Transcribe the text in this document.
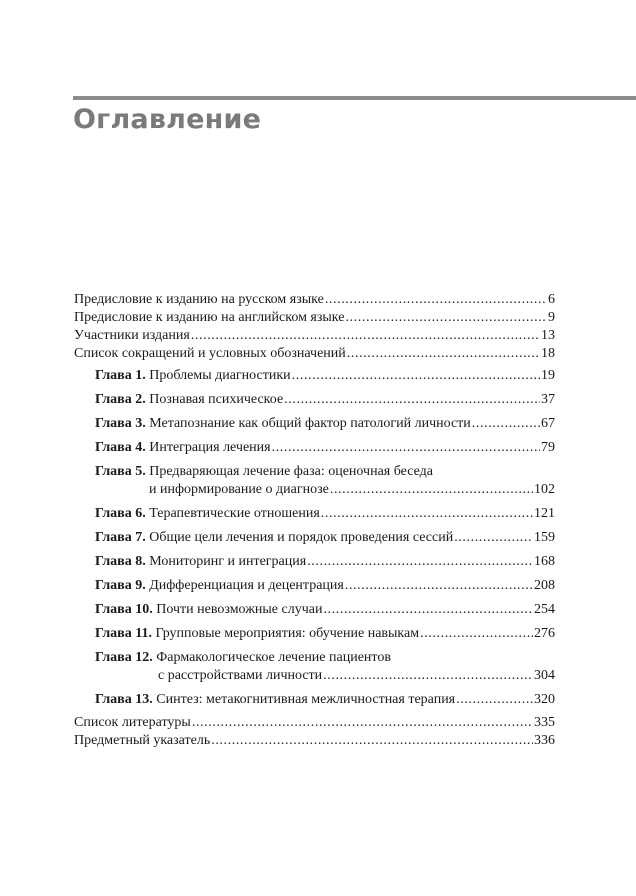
Оглавление
Предисловие к изданию на русском языке .....	6
Предисловие к изданию на английском языке .....	9
Участники издания .....	13
Список сокращений и условных обозначений .....	18
Глава 1. Проблемы диагностики .....	19
Глава 2. Познавая психическое .....	37
Глава 3. Метапознание как общий фактор патологий личности .....	67
Глава 4. Интеграция лечения .....	79
Глава 5. Предваряющая лечение фаза: оценочная беседа
и информирование о диагнозе .....	102
Глава 6. Терапевтические отношения .....	121
Глава 7. Общие цели лечения и порядок проведения сессий .....	159
Глава 8. Мониторинг и интеграция .....	168
Глава 9. Дифференциация и децентрация .....	208
Глава 10. Почти невозможные случаи .....	254
Глава 11. Групповые мероприятия: обучение навыкам .....	276
Глава 12. Фармакологическое лечение пациентов
с расстройствами личности .....	304
Глава 13. Синтез: метакогнитивная межличностная терапия .....	320
Список литературы .....	335
Предметный указатель .....	336
